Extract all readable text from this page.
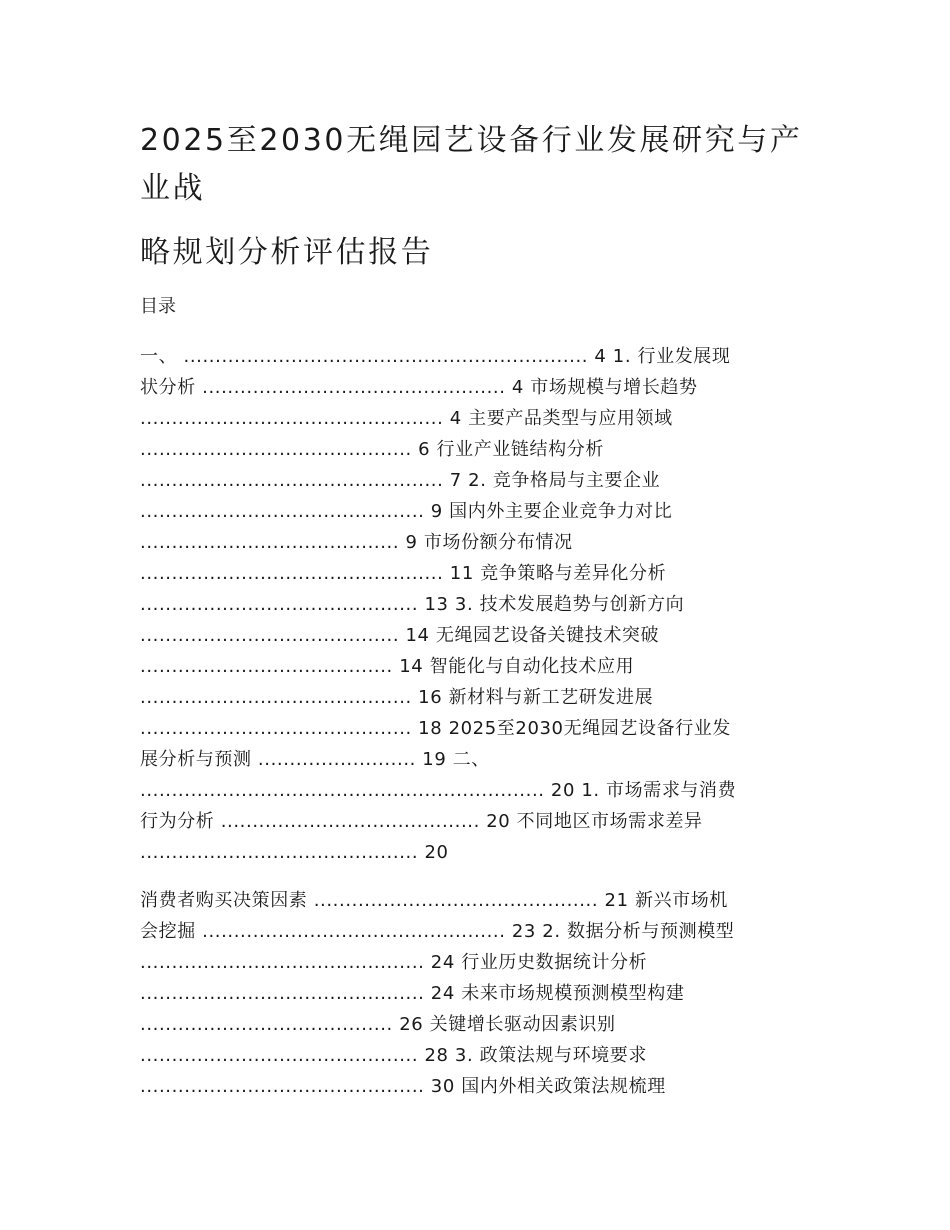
2025至2030无绳园艺设备行业发展研究与产
业战
略规划分析评估报告
目录
一、 ................................................................ 4 1. 行业发展现
状分析 ................................................ 4 市场规模与增长趋势
................................................ 4 主要产品类型与应用领域
........................................... 6 行业产业链结构分析
................................................ 7 2. 竞争格局与主要企业
............................................. 9 国内外主要企业竞争力对比
......................................... 9 市场份额分布情况
................................................ 11 竞争策略与差异化分析
............................................ 13 3. 技术发展趋势与创新方向
......................................... 14 无绳园艺设备关键技术突破
........................................ 14 智能化与自动化技术应用
........................................... 16 新材料与新工艺研发进展
........................................... 18 2025至2030无绳园艺设备行业发
展分析与预测 ......................... 19 二、
................................................................ 20 1. 市场需求与消费
行为分析 ......................................... 20 不同地区市场需求差异
............................................ 20
消费者购买决策因素 ............................................. 21 新兴市场机
会挖掘 ................................................ 23 2. 数据分析与预测模型
............................................. 24 行业历史数据统计分析
............................................. 24 未来市场规模预测模型构建
........................................ 26 关键增长驱动因素识别
............................................ 28 3. 政策法规与环境要求
............................................. 30 国内外相关政策法规梳理
